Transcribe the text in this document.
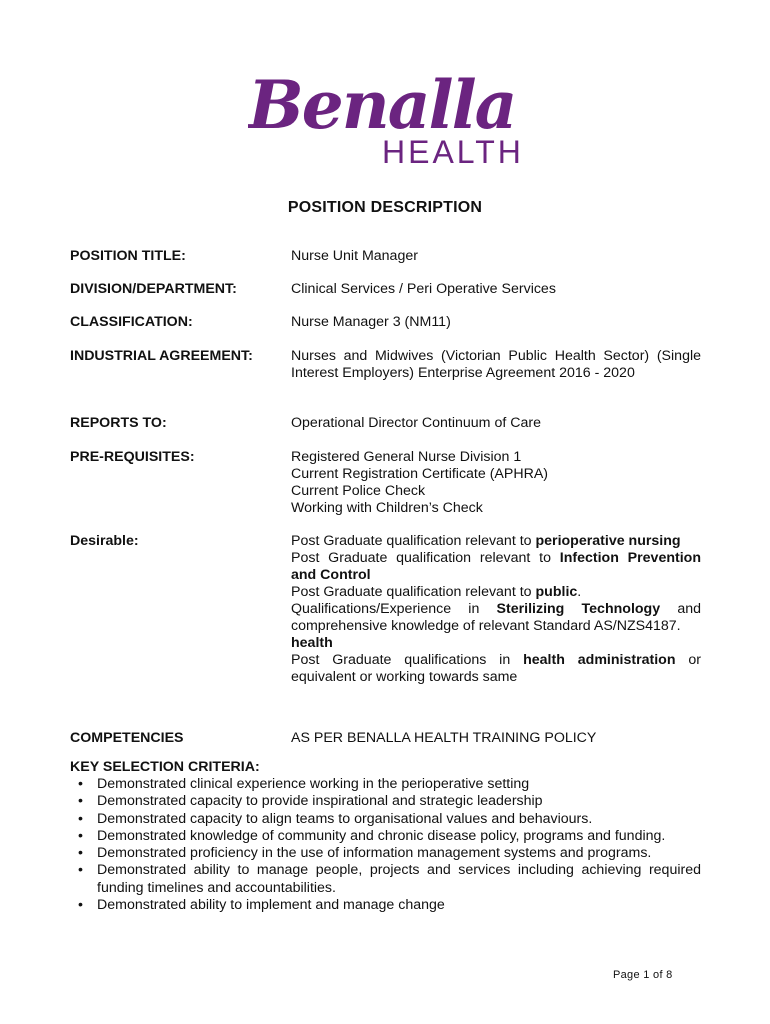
Benalla
HEALTH
POSITION DESCRIPTION
POSITION TITLE:	Nurse Unit Manager
DIVISION/DEPARTMENT:	Clinical Services / Peri Operative Services
CLASSIFICATION:	Nurse Manager 3 (NM11)
INDUSTRIAL AGREEMENT:	Nurses and Midwives (Victorian Public Health Sector) (Single Interest Employers) Enterprise Agreement 2016 - 2020
REPORTS TO:	Operational Director Continuum of Care
PRE-REQUISITES:	Registered General Nurse Division 1
Current Registration Certificate (APHRA)
Current Police Check
Working with Children’s Check
Desirable:	Post Graduate qualification relevant to perioperative nursing
Post Graduate qualification relevant to Infection Prevention and Control
Post Graduate qualification relevant to public.
Qualifications/Experience in Sterilizing Technology and comprehensive knowledge of relevant Standard AS/NZS4187.
health
Post Graduate qualifications in health administration or equivalent or working towards same
COMPETENCIES	AS PER BENALLA HEALTH TRAINING POLICY
KEY SELECTION CRITERIA:
• Demonstrated clinical experience working in the perioperative setting
• Demonstrated capacity to provide inspirational and strategic leadership
• Demonstrated capacity to align teams to organisational values and behaviours.
• Demonstrated knowledge of community and chronic disease policy, programs and funding.
• Demonstrated proficiency in the use of information management systems and programs.
• Demonstrated ability to manage people, projects and services including achieving required funding timelines and accountabilities.
• Demonstrated ability to implement and manage change
Page 1 of 8
